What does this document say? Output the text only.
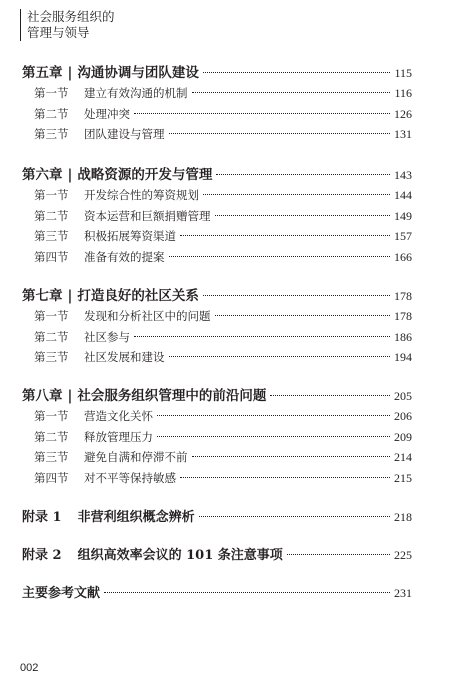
社会服务组织的
管理与领导
第五章 | 沟通协调与团队建设	115
第一节	建立有效沟通的机制	116
第二节	处理冲突	126
第三节	团队建设与管理	131
第六章 | 战略资源的开发与管理	143
第一节	开发综合性的筹资规划	144
第二节	资本运营和巨额捐赠管理	149
第三节	积极拓展筹资渠道	157
第四节	准备有效的提案	166
第七章 | 打造良好的社区关系	178
第一节	发现和分析社区中的问题	178
第二节	社区参与	186
第三节	社区发展和建设	194
第八章 | 社会服务组织管理中的前沿问题	205
第一节	营造文化关怀	206
第二节	释放管理压力	209
第三节	避免自满和停滞不前	214
第四节	对不平等保持敏感	215
附录 1 非营利组织概念辨析	218
附录 2 组织高效率会议的 101 条注意事项	225
主要参考文献	231
002
